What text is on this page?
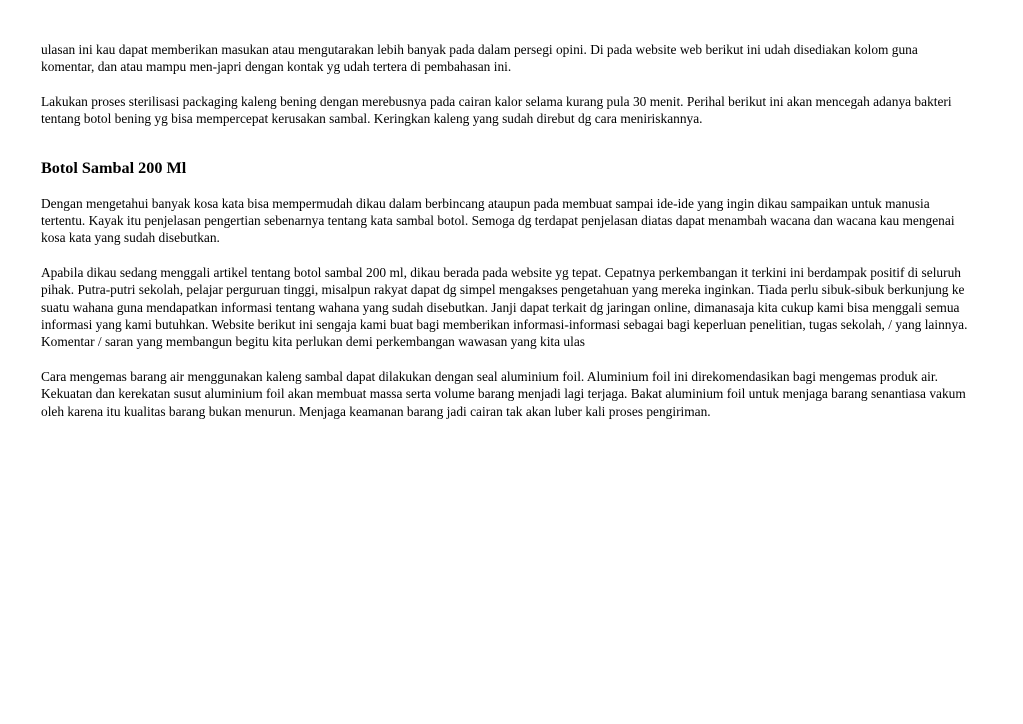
ulasan ini kau dapat memberikan masukan atau mengutarakan lebih banyak pada dalam persegi opini. Di pada website web berikut ini udah disediakan kolom guna komentar, dan atau mampu men-japri dengan kontak yg udah tertera di pembahasan ini.

Lakukan proses sterilisasi packaging kaleng bening dengan merebusnya pada cairan kalor selama kurang pula 30 menit. Perihal berikut ini akan mencegah adanya bakteri tentang botol bening yg bisa mempercepat kerusakan sambal. Keringkan kaleng yang sudah direbut dg cara meniriskannya.

Botol Sambal 200 Ml

Dengan mengetahui banyak kosa kata bisa mempermudah dikau dalam berbincang ataupun pada membuat sampai ide-ide yang ingin dikau sampaikan untuk manusia tertentu. Kayak itu penjelasan pengertian sebenarnya tentang kata sambal botol. Semoga dg terdapat penjelasan diatas dapat menambah wacana dan wacana kau mengenai kosa kata yang sudah disebutkan.

Apabila dikau sedang menggali artikel tentang botol sambal 200 ml, dikau berada pada website yg tepat. Cepatnya perkembangan it terkini ini berdampak positif di seluruh pihak. Putra-putri sekolah, pelajar perguruan tinggi, misalpun rakyat dapat dg simpel mengakses pengetahuan yang mereka inginkan. Tiada perlu sibuk-sibuk berkunjung ke suatu wahana guna mendapatkan informasi tentang wahana yang sudah disebutkan. Janji dapat terkait dg jaringan online, dimanasaja kita cukup kami bisa menggali semua informasi yang kami butuhkan. Website berikut ini sengaja kami buat bagi memberikan informasi-informasi sebagai bagi keperluan penelitian, tugas sekolah, / yang lainnya. Komentar / saran yang membangun begitu kita perlukan demi perkembangan wawasan yang kita ulas

Cara mengemas barang air menggunakan kaleng sambal dapat dilakukan dengan seal aluminium foil. Aluminium foil ini direkomendasikan bagi mengemas produk air. Kekuatan dan kerekatan susut aluminium foil akan membuat massa serta volume barang menjadi lagi terjaga. Bakat aluminium foil untuk menjaga barang senantiasa vakum oleh karena itu kualitas barang bukan menurun. Menjaga keamanan barang jadi cairan tak akan luber kali proses pengiriman.
